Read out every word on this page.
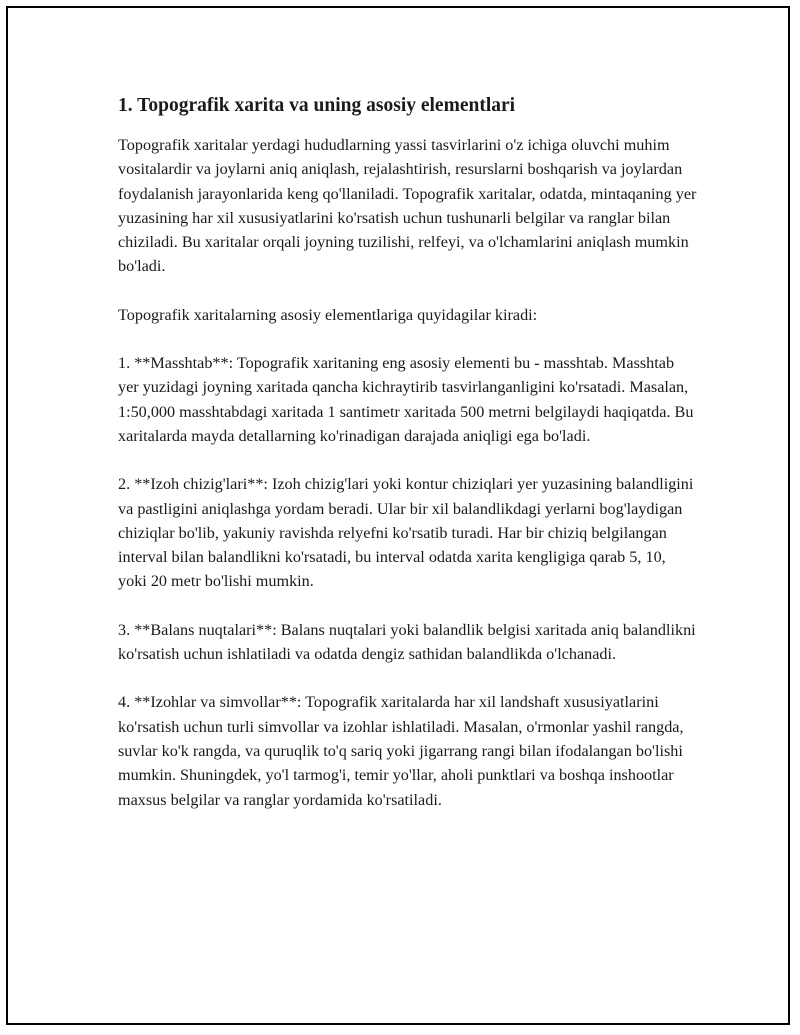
1. Topografik xarita va uning asosiy elementlari

Topografik xaritalar yerdagi hududlarning yassi tasvirlarini o'z ichiga oluvchi muhim vositalardir va joylarni aniq aniqlash, rejalashtirish, resurslarni boshqarish va joylardan foydalanish jarayonlarida keng qo'llaniladi. Topografik xaritalar, odatda, mintaqaning yer yuzasining har xil xususiyatlarini ko'rsatish uchun tushunarli belgilar va ranglar bilan chiziladi. Bu xaritalar orqali joyning tuzilishi, relfeyi, va o'lchamlarini aniqlash mumkin bo'ladi.

Topografik xaritalarning asosiy elementlariga quyidagilar kiradi:

1. **Masshtab**: Topografik xaritaning eng asosiy elementi bu - masshtab. Masshtab yer yuzidagi joyning xaritada qancha kichraytirib tasvirlanganligini ko'rsatadi. Masalan, 1:50,000 masshtabdagi xaritada 1 santimetr xaritada 500 metrni belgilaydi haqiqatda. Bu xaritalarda mayda detallarning ko'rinadigan darajada aniqligi ega bo'ladi.

2. **Izoh chizig'lari**: Izoh chizig'lari yoki kontur chiziqlari yer yuzasining balandligini va pastligini aniqlashga yordam beradi. Ular bir xil balandlikdagi yerlarni bog'laydigan chiziqlar bo'lib, yakuniy ravishda relyefni ko'rsatib turadi. Har bir chiziq belgilangan interval bilan balandlikni ko'rsatadi, bu interval odatda xarita kengligiga qarab 5, 10, yoki 20 metr bo'lishi mumkin.

3. **Balans nuqtalari**: Balans nuqtalari yoki balandlik belgisi xaritada aniq balandlikni ko'rsatish uchun ishlatiladi va odatda dengiz sathidan balandlikda o'lchanadi.

4. **Izohlar va simvollar**: Topografik xaritalarda har xil landshaft xususiyatlarini ko'rsatish uchun turli simvollar va izohlar ishlatiladi. Masalan, o'rmonlar yashil rangda, suvlar ko'k rangda, va quruqlik to'q sariq yoki jigarrang rangi bilan ifodalangan bo'lishi mumkin. Shuningdek, yo'l tarmog'i, temir yo'llar, aholi punktlari va boshqa inshootlar maxsus belgilar va ranglar yordamida ko'rsatiladi.
